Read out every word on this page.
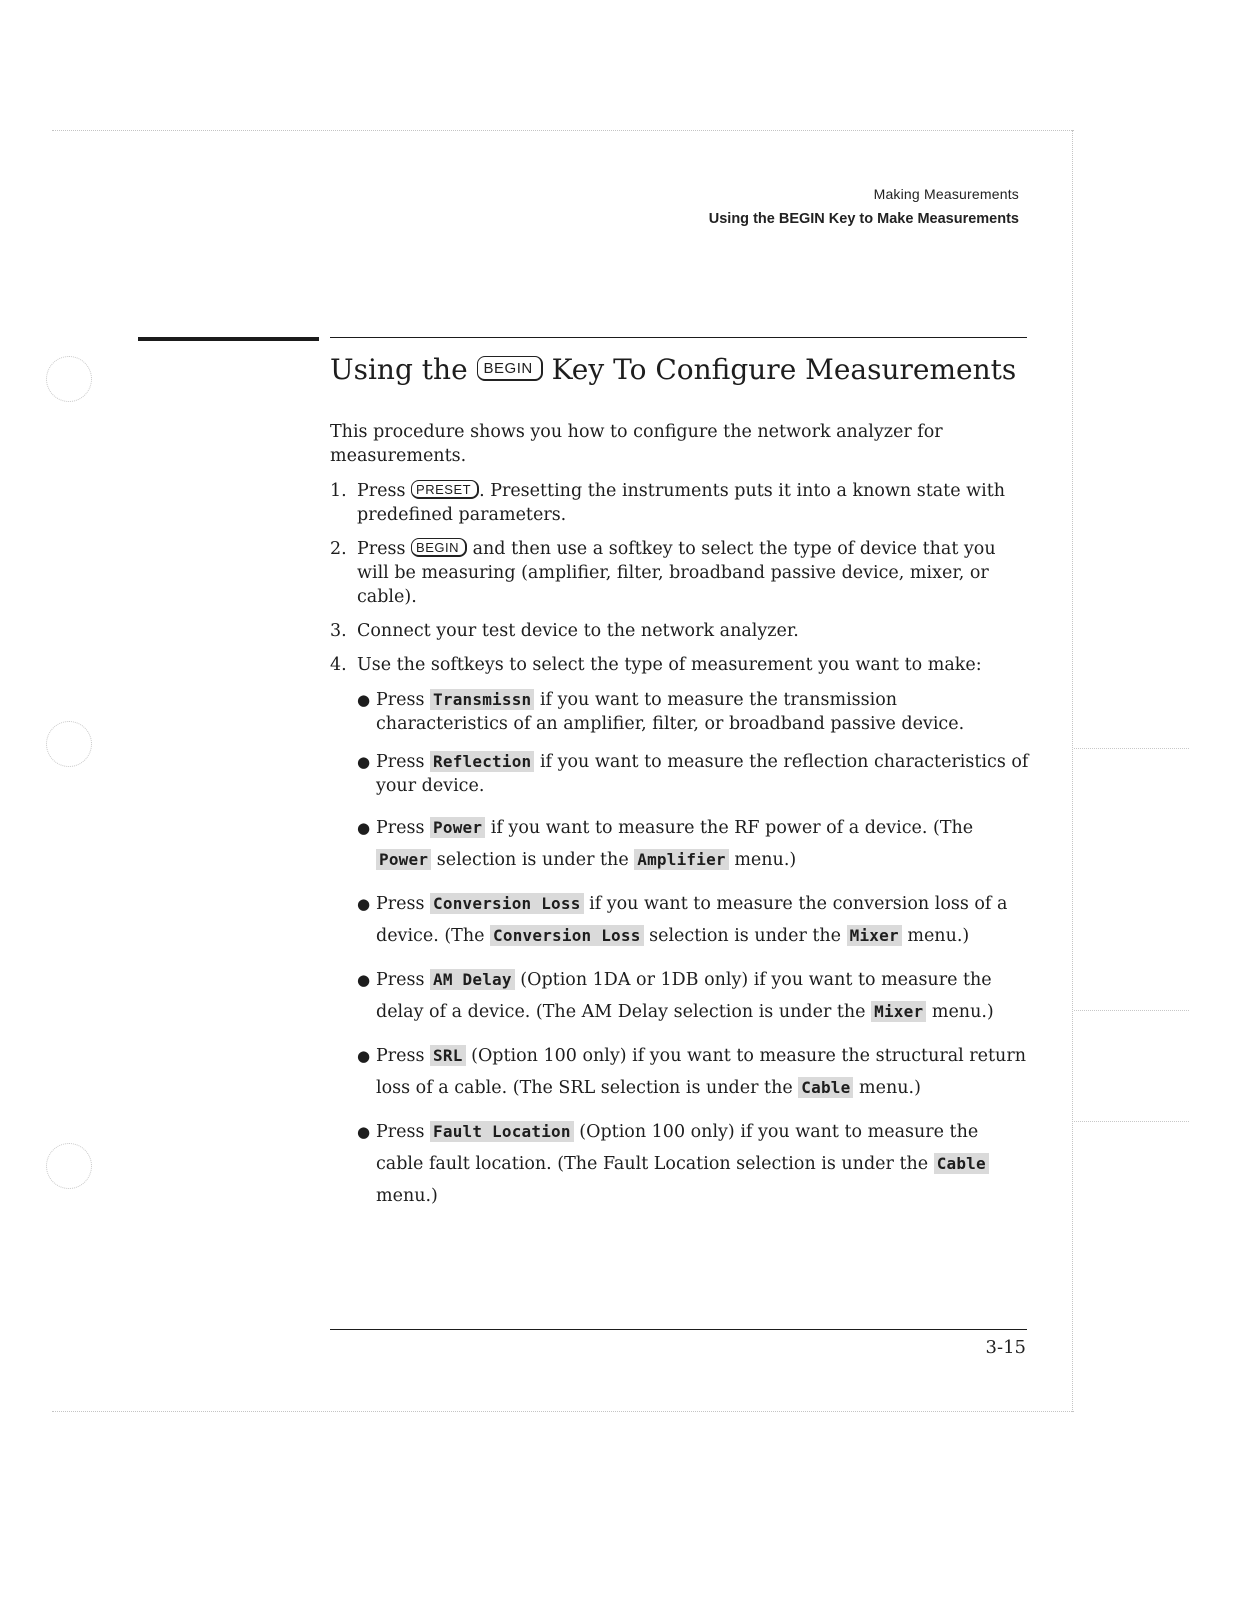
Making Measurements
Using the BEGIN Key to Make Measurements
Using the BEGIN Key To Configure Measurements

This procedure shows you how to configure the network analyzer for measurements.

1. Press PRESET . Presetting the instruments puts it into a known state with predefined parameters.
2. Press BEGIN and then use a softkey to select the type of device that you will be measuring (amplifier, filter, broadband passive device, mixer, or cable).
3. Connect your test device to the network analyzer.
4. Use the softkeys to select the type of measurement you want to make:
● Press Transmissn if you want to measure the transmission characteristics of an amplifier, filter, or broadband passive device.
● Press Reflection if you want to measure the reflection characteristics of your device.
● Press Power if you want to measure the RF power of a device. (The Power selection is under the Amplifier menu.)
● Press Conversion Loss if you want to measure the conversion loss of a device. (The Conversion Loss selection is under the Mixer menu.)
● Press AM Delay (Option 1DA or 1DB only) if you want to measure the delay of a device. (The AM Delay selection is under the Mixer menu.)
● Press SRL (Option 100 only) if you want to measure the structural return loss of a cable. (The SRL selection is under the Cable menu.)
● Press Fault Location (Option 100 only) if you want to measure the cable fault location. (The Fault Location selection is under the Cable menu.)
3-15
